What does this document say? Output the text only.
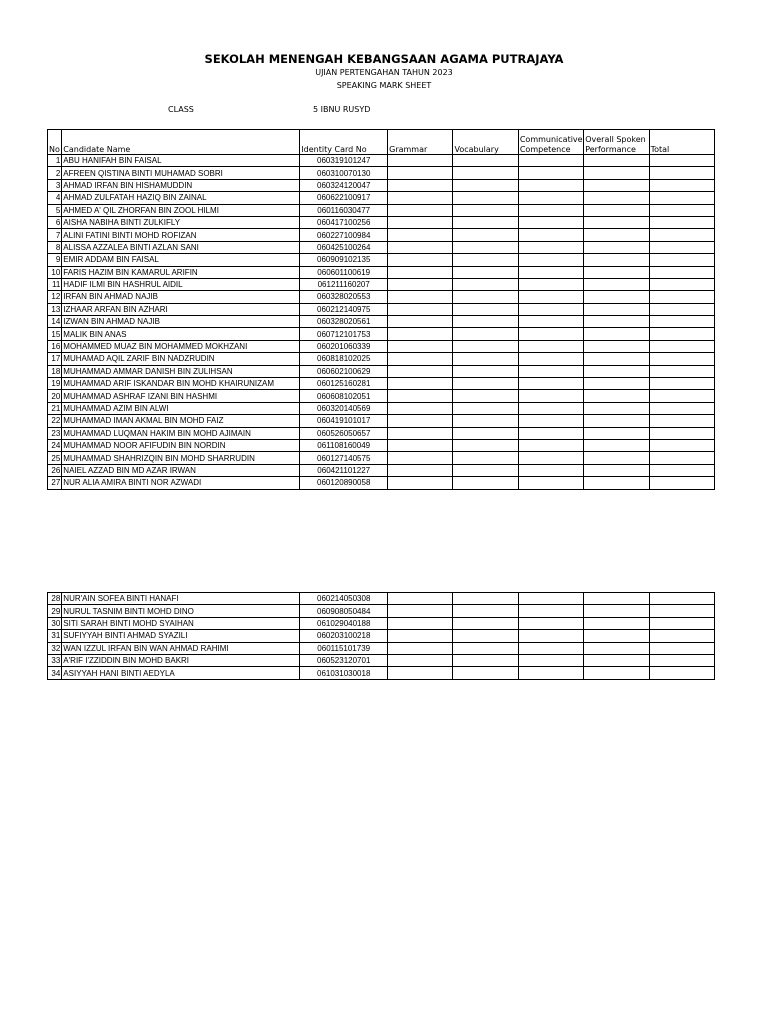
SEKOLAH MENENGAH KEBANGSAAN AGAMA PUTRAJAYA
UJIAN PERTENGAHAN TAHUN 2023
SPEAKING MARK SHEET
CLASS	5 IBNU RUSYD
No	Candidate Name	Identity Card No	Grammar	Vocabulary	Communicative Competence	Overall Spoken Performance	Total
1	ABU HANIFAH BIN FAISAL	060319101247					
2	AFREEN QISTINA BINTI MUHAMAD SOBRI	060310070130					
3	AHMAD IRFAN BIN HISHAMUDDIN	060324120047					
4	AHMAD ZULFATAH HAZIQ BIN ZAINAL	060622100917					
5	AHMED A' QIL ZHORFAN BIN ZOOL HILMI	060116030477					
6	AISHA NABIHA BINTI ZULKIFLY	060417100256					
7	ALINI FATINI BINTI MOHD ROFIZAN	060227100984					
8	ALISSA AZZALEA BINTI AZLAN SANI	060425100264					
9	EMIR ADDAM BIN FAISAL	060909102135					
10	FARIS HAZIM BIN KAMARUL ARIFIN	060601100619					
11	HADIF ILMI BIN HASHRUL AIDIL	061211160207					
12	IRFAN BIN AHMAD NAJIB	060328020553					
13	IZHAAR ARFAN BIN AZHARI	060212140975					
14	IZWAN BIN AHMAD NAJIB	060328020561					
15	MALIK BIN ANAS	060712101753					
16	MOHAMMED MUAZ BIN MOHAMMED MOKHZANI	060201060339					
17	MUHAMAD AQIL ZARIF BIN NADZRUDIN	060818102025					
18	MUHAMMAD AMMAR DANISH BIN ZULIHSAN	060602100629					
19	MUHAMMAD ARIF ISKANDAR BIN MOHD KHAIRUNIZAM	060125160281					
20	MUHAMMAD ASHRAF IZANI BIN HASHMI	060608102051					
21	MUHAMMAD AZIM BIN ALWI	060320140569					
22	MUHAMMAD IMAN AKMAL BIN MOHD FAIZ	060419101017					
23	MUHAMMAD LUQMAN HAKIM BIN MOHD AJIMAIN	060526050657					
24	MUHAMMAD NOOR AFIFUDIN BIN NORDIN	061108160049					
25	MUHAMMAD SHAHRIZQIN BIN MOHD SHARRUDIN	060127140575					
26	NAIEL AZZAD BIN MD AZAR IRWAN	060421101227					
27	NUR ALIA AMIRA BINTI NOR AZWADI	060120890058					
28	NUR'AIN SOFEA BINTI HANAFI	060214050308					
29	NURUL TASNIM BINTI MOHD DINO	060908050484					
30	SITI SARAH BINTI MOHD SYAIHAN	061029040188					
31	SUFIYYAH BINTI AHMAD SYAZILI	060203100218					
32	WAN IZZUL IRFAN BIN WAN AHMAD RAHIMI	060115101739					
33	A'RIF I'ZZIDDIN BIN MOHD BAKRI	060523120701					
34	ASIYYAH HANI BINTI AEDYLA	061031030018					
